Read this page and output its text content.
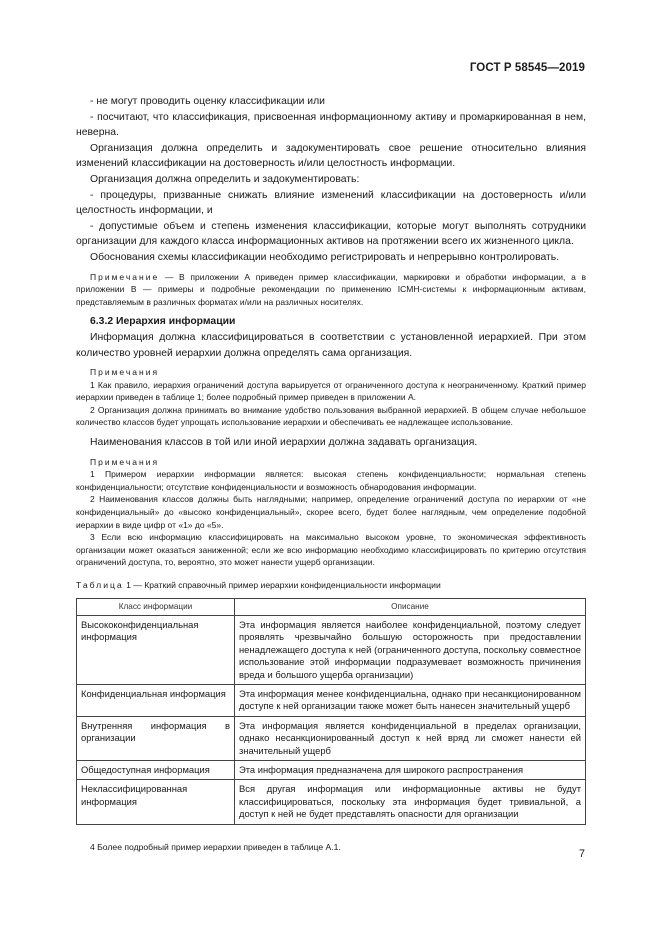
ГОСТ Р 58545—2019

- не могут проводить оценку классификации или

- посчитают, что классификация, присвоенная информационному активу и промаркированная в нем, неверна.

Организация должна определить и задокументировать свое решение относительно влияния изменений классификации на достоверность и/или целостность информации.

Организация должна определить и задокументировать:

- процедуры, призванные снижать влияние изменений классификации на достоверность и/или целостность информации, и

- допустимые объем и степень изменения классификации, которые могут выполнять сотрудники организации для каждого класса информационных активов на протяжении всего их жизненного цикла.

Обоснования схемы классификации необходимо регистрировать и непрерывно контролировать.

Примечание — В приложении А приведен пример классификации, маркировки и обработки информации, а в приложении В — примеры и подробные рекомендации по применению ICMH-системы к информационным активам, представляемым в различных форматах и/или на различных носителях.

6.3.2 Иерархия информации

Информация должна классифицироваться в соответствии с установленной иерархией. При этом количество уровней иерархии должна определять сама организация.

Примечания

1 Как правило, иерархия ограничений доступа варьируется от ограниченного доступа к неограниченному. Краткий пример иерархии приведен в таблице 1; более подробный пример приведен в приложении А.

2 Организация должна принимать во внимание удобство пользования выбранной иерархией. В общем случае небольшое количество классов будет упрощать использование иерархии и обеспечивать ее надлежащее использование.

Наименования классов в той или иной иерархии должна задавать организация.

Примечания

1 Примером иерархии информации является: высокая степень конфиденциальности; нормальная степень конфиденциальности; отсутствие конфиденциальности и возможность обнародования информации.

2 Наименования классов должны быть наглядными; например, определение ограничений доступа по иерархии от «не конфиденциальный» до «высоко конфиденциальный», скорее всего, будет более наглядным, чем определение подобной иерархии в виде цифр от «1» до «5».

3 Если всю информацию классифицировать на максимально высоком уровне, то экономическая эффективность организации может оказаться заниженной; если же всю информацию необходимо классифицировать по критерию отсутствия ограничений доступа, то, вероятно, это может нанести ущерб организации.

Таблица 1 — Краткий справочный пример иерархии конфиденциальности информации

Класс информации	Описание
Высококонфиденциальная информация	Эта информация является наиболее конфиденциальной, поэтому следует проявлять чрезвычайно большую осторожность при предоставлении ненадлежащего доступа к ней (ограниченного доступа, поскольку совместное использование этой информации подразумевает возможность причинения вреда и большого ущерба организации)
Конфиденциальная информация	Эта информация менее конфиденциальна, однако при несанкционированном доступе к ней организации также может быть нанесен значительный ущерб
Внутренняя информация в организации	Эта информация является конфиденциальной в пределах организации, однако несанкционированный доступ к ней вряд ли сможет нанести ей значительный ущерб
Общедоступная информация	Эта информация предназначена для широкого распространения
Неклассифицированная информация	Вся другая информация или информационные активы не будут классифицироваться, поскольку эта информация будет тривиальной, а доступ к ней не будет представлять опасности для организации

4 Более подробный пример иерархии приведен в таблице А.1.

7
